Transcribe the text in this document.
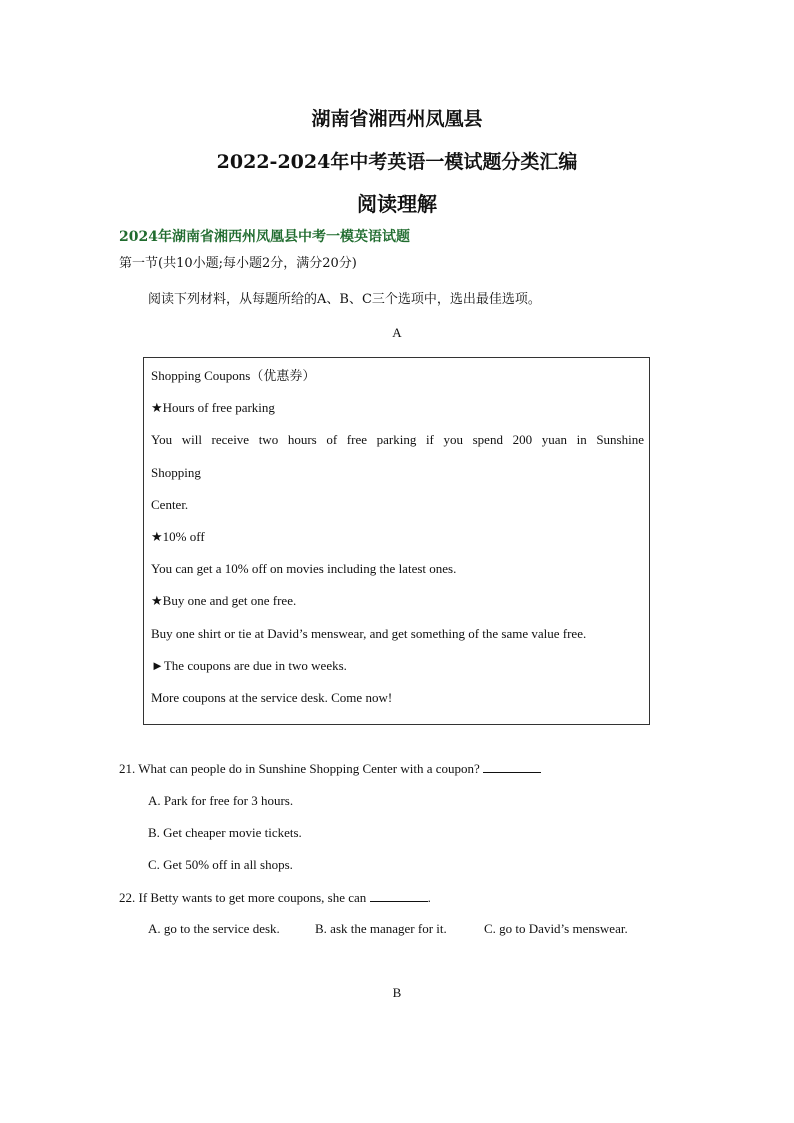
湖南省湘西州凤凰县
2022-2024年中考英语一模试题分类汇编
阅读理解
2024年湖南省湘西州凤凰县中考一模英语试题
第一节(共10小题;每小题2分，满分20分)
阅读下列材料，从每题所给的A、B、C三个选项中，选出最佳选项。
A
Shopping Coupons（优惠券）
★Hours of free parking
You will receive two hours of free parking if you spend 200 yuan in Sunshine
Shopping
Center.
★10% off
You can get a 10% off on movies including the latest ones.
★Buy one and get one free.
Buy one shirt or tie at David’s menswear, and get something of the same value free.
►The coupons are due in two weeks.
More coupons at the service desk. Come now!
21. What can people do in Sunshine Shopping Center with a coupon?
A. Park for free for 3 hours.
B. Get cheaper movie tickets.
C. Get 50% off in all shops.
22. If Betty wants to get more coupons, she can	.
A. go to the service desk.	B. ask the manager for it.	C. go to David’s menswear.
B
